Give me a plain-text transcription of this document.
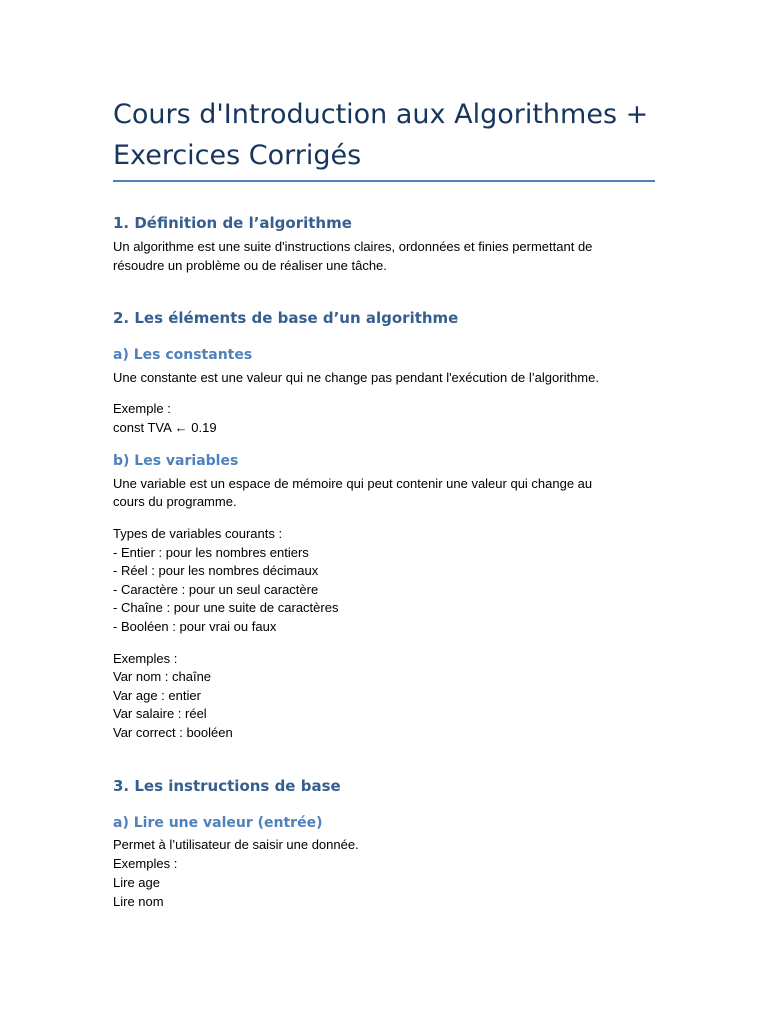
Cours d'Introduction aux Algorithmes +
Exercices Corrigés
1. Définition de l’algorithme

Un algorithme est une suite d'instructions claires, ordonnées et finies permettant de

résoudre un problème ou de réaliser une tâche.

2. Les éléments de base d’un algorithme
a) Les constantes

Une constante est une valeur qui ne change pas pendant l'exécution de l’algorithme.

Exemple :

const TVA ← 0.19

b) Les variables

Une variable est un espace de mémoire qui peut contenir une valeur qui change au

cours du programme.

Types de variables courants :

- Entier : pour les nombres entiers

- Réel : pour les nombres décimaux

- Caractère : pour un seul caractère

- Chaîne : pour une suite de caractères

- Booléen : pour vrai ou faux

Exemples :

Var nom : chaîne

Var age : entier

Var salaire : réel

Var correct : booléen

3. Les instructions de base
a) Lire une valeur (entrée)

Permet à l’utilisateur de saisir une donnée.

Exemples :

Lire age

Lire nom
